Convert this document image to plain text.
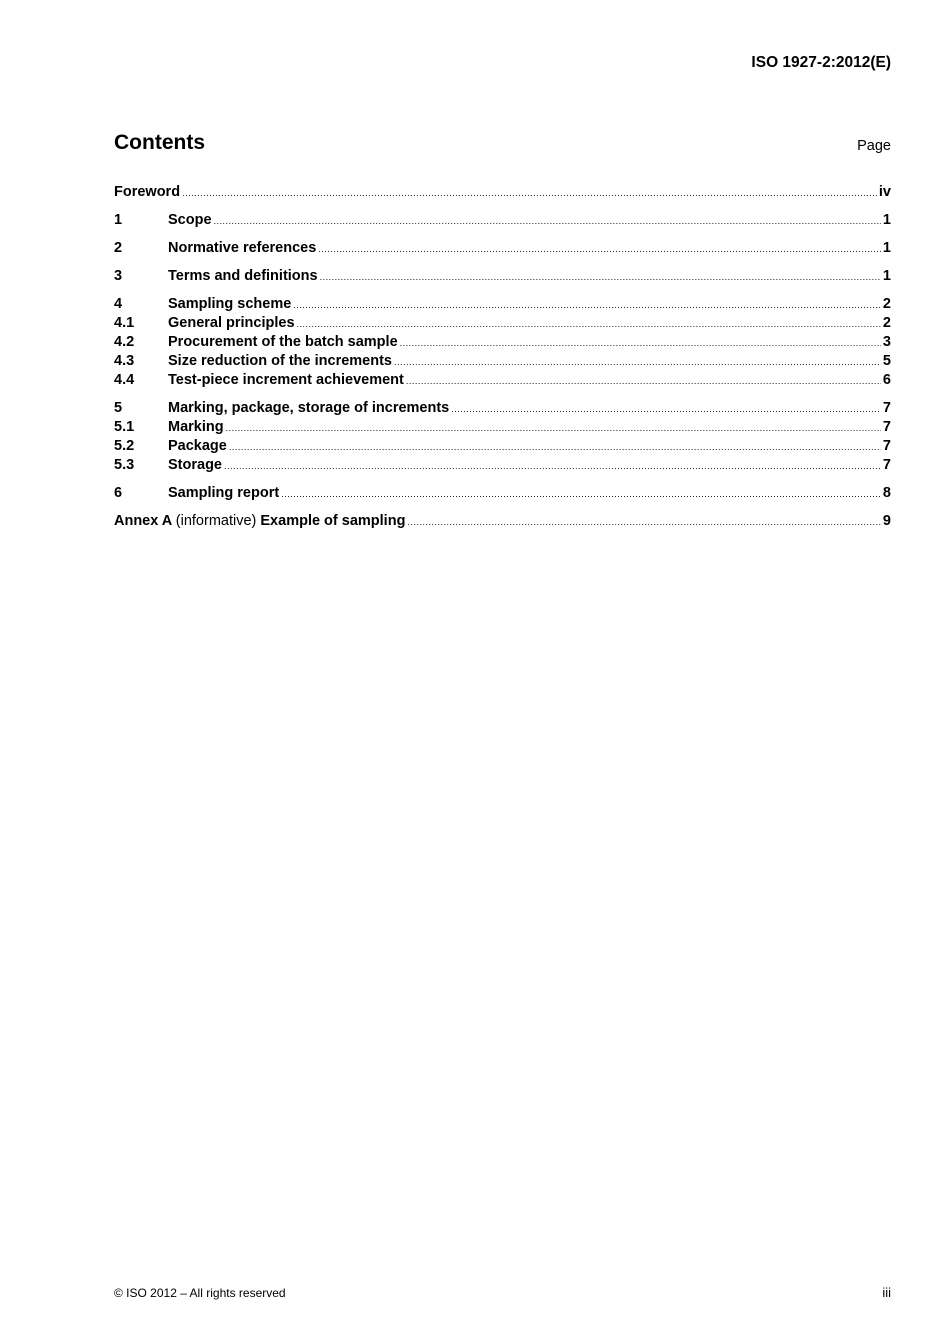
ISO 1927-2:2012(E)
Contents	Page
Foreword .....	iv
1	Scope .....	1
2	Normative references .....	1
3	Terms and definitions .....	1
4	Sampling scheme .....	2
4.1	General principles .....	2
4.2	Procurement of the batch sample .....	3
4.3	Size reduction of the increments .....	5
4.4	Test-piece increment achievement .....	6
5	Marking, package, storage of increments .....	7
5.1	Marking .....	7
5.2	Package .....	7
5.3	Storage .....	7
6	Sampling report .....	8
Annex A (informative) Example of sampling .....	9
© ISO 2012 – All rights reserved	iii
